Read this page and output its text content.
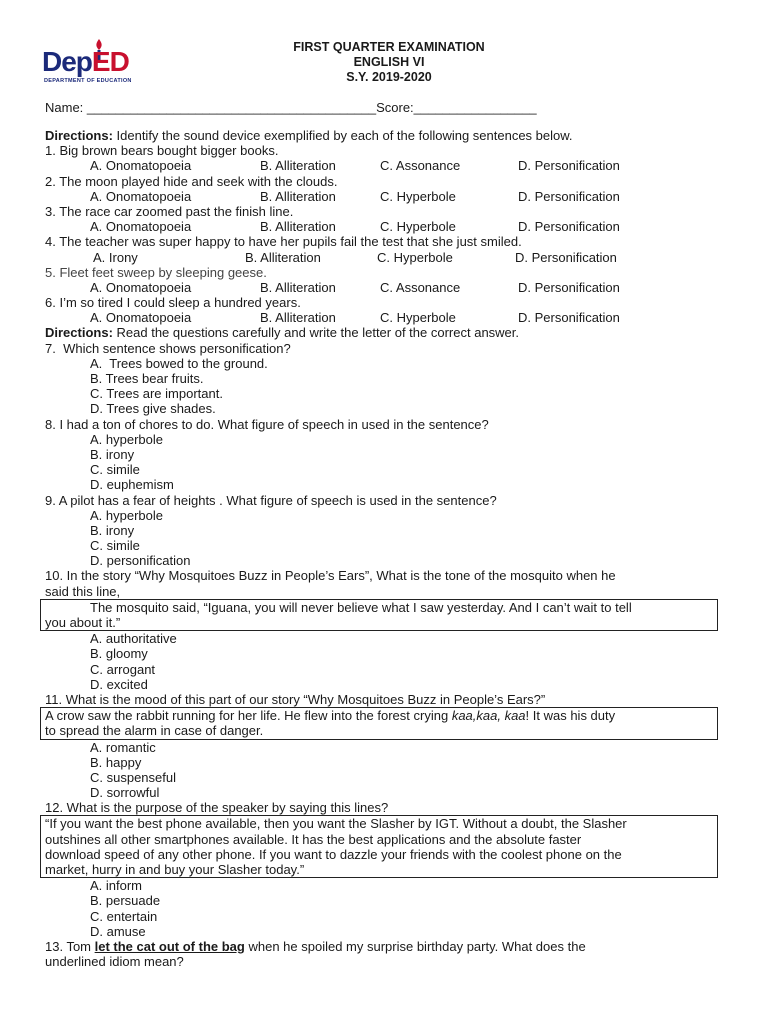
DepED
DEPARTMENT OF EDUCATION
FIRST QUARTER EXAMINATION
ENGLISH VI
S.Y. 2019-2020
Name: ________________________________________Score:_________________
Directions: Identify the sound device exemplified by each of the following sentences below.
1. Big brown bears bought bigger books.
A. Onomatopoeia	B. Alliteration	C. Assonance	D. Personification
2. The moon played hide and seek with the clouds.
A. Onomatopoeia	B. Alliteration	C. Hyperbole	D. Personification
3. The race car zoomed past the finish line.
A. Onomatopoeia	B. Alliteration	C. Hyperbole	D. Personification
4. The teacher was super happy to have her pupils fail the test that she just smiled.
A. Irony	B. Alliteration	C. Hyperbole	D. Personification
5. Fleet feet sweep by sleeping geese.
A. Onomatopoeia	B. Alliteration	C. Assonance	D. Personification
6. I’m so tired I could sleep a hundred years.
A. Onomatopoeia	B. Alliteration	C. Hyperbole	D. Personification
Directions: Read the questions carefully and write the letter of the correct answer.
7.  Which sentence shows personification?
A.  Trees bowed to the ground.
B. Trees bear fruits.
C. Trees are important.
D. Trees give shades.
8. I had a ton of chores to do. What figure of speech in used in the sentence?
A. hyperbole
B. irony
C. simile
D. euphemism
9. A pilot has a fear of heights . What figure of speech is used in the sentence?
A. hyperbole
B. irony
C. simile
D. personification
10. In the story “Why Mosquitoes Buzz in People’s Ears”, What is the tone of the mosquito when he
said this line,
The mosquito said, “Iguana, you will never believe what I saw yesterday. And I can’t wait to tell
you about it.”
A. authoritative
B. gloomy
C. arrogant
D. excited
11. What is the mood of this part of our story “Why Mosquitoes Buzz in People’s Ears?”
A crow saw the rabbit running for her life. He flew into the forest crying kaa,kaa, kaa! It was his duty
to spread the alarm in case of danger.
A. romantic
B. happy
C. suspenseful
D. sorrowful
12. What is the purpose of the speaker by saying this lines?
“If you want the best phone available, then you want the Slasher by IGT. Without a doubt, the Slasher
outshines all other smartphones available. It has the best applications and the absolute faster
download speed of any other phone. If you want to dazzle your friends with the coolest phone on the
market, hurry in and buy your Slasher today.”
A. inform
B. persuade
C. entertain
D. amuse
13. Tom let the cat out of the bag when he spoiled my surprise birthday party. What does the
underlined idiom mean?
